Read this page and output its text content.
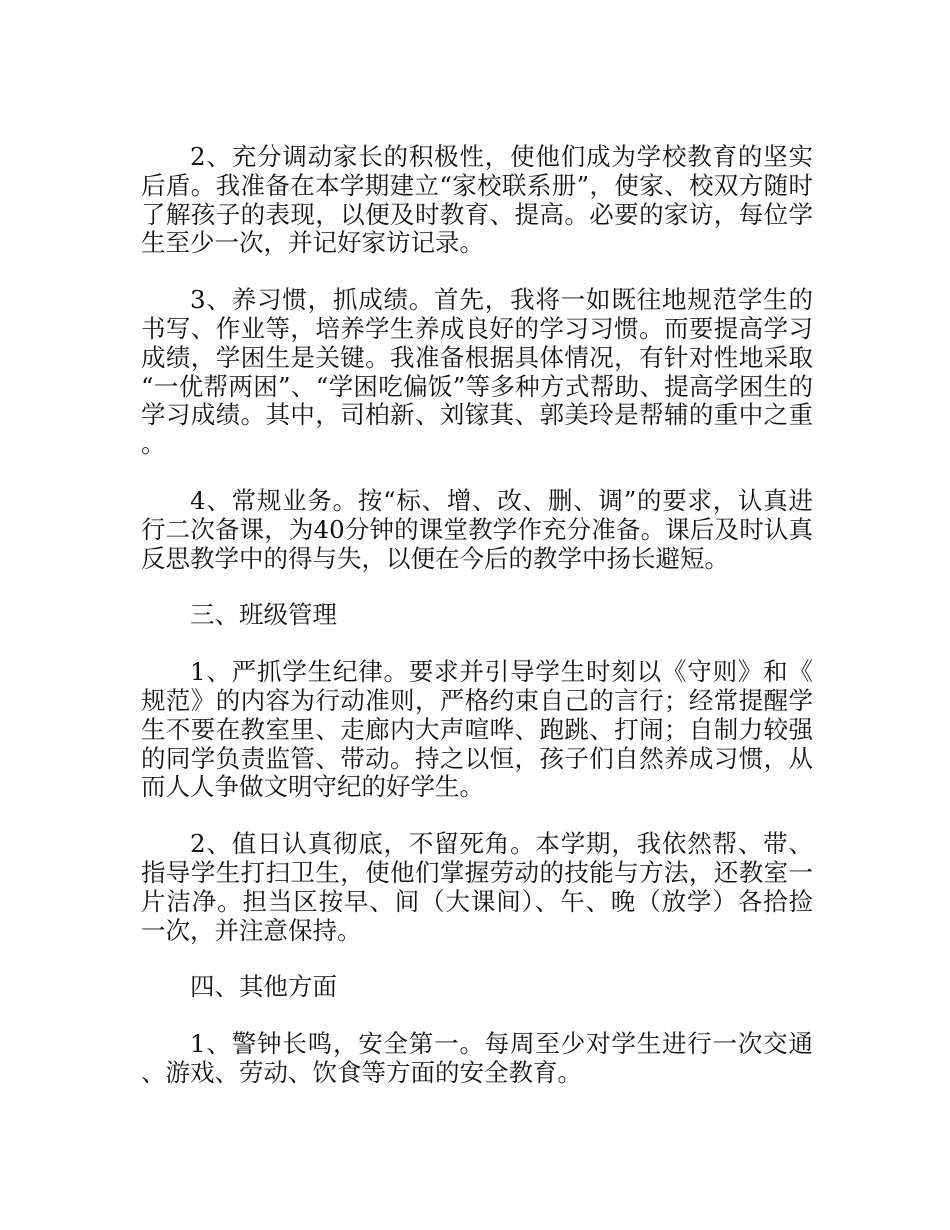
2、充分调动家长的积极性，使他们成为学校教育的坚实后盾。我准备在本学期建立“家校联系册”，使家、校双方随时了解孩子的表现，以便及时教育、提高。必要的家访，每位学生至少一次，并记好家访记录。

3、养习惯，抓成绩。首先，我将一如既往地规范学生的书写、作业等，培养学生养成良好的学习习惯。而要提高学习成绩，学困生是关键。我准备根据具体情况，有针对性地采取“一优帮两困”、“学困吃偏饭”等多种方式帮助、提高学困生的学习成绩。其中，司柏新、刘镓萁、郭美玲是帮辅的重中之重。

4、常规业务。按“标、增、改、删、调”的要求，认真进行二次备课，为40分钟的课堂教学作充分准备。课后及时认真反思教学中的得与失，以便在今后的教学中扬长避短。

三、班级管理

1、严抓学生纪律。要求并引导学生时刻以《守则》和《规范》的内容为行动准则，严格约束自己的言行；经常提醒学生不要在教室里、走廊内大声喧哗、跑跳、打闹；自制力较强的同学负责监管、带动。持之以恒，孩子们自然养成习惯，从而人人争做文明守纪的好学生。

2、值日认真彻底，不留死角。本学期，我依然帮、带、指导学生打扫卫生，使他们掌握劳动的技能与方法，还教室一片洁净。担当区按早、间（大课间）、午、晚（放学）各拾捡一次，并注意保持。

四、其他方面

1、警钟长鸣，安全第一。每周至少对学生进行一次交通、游戏、劳动、饮食等方面的安全教育。
